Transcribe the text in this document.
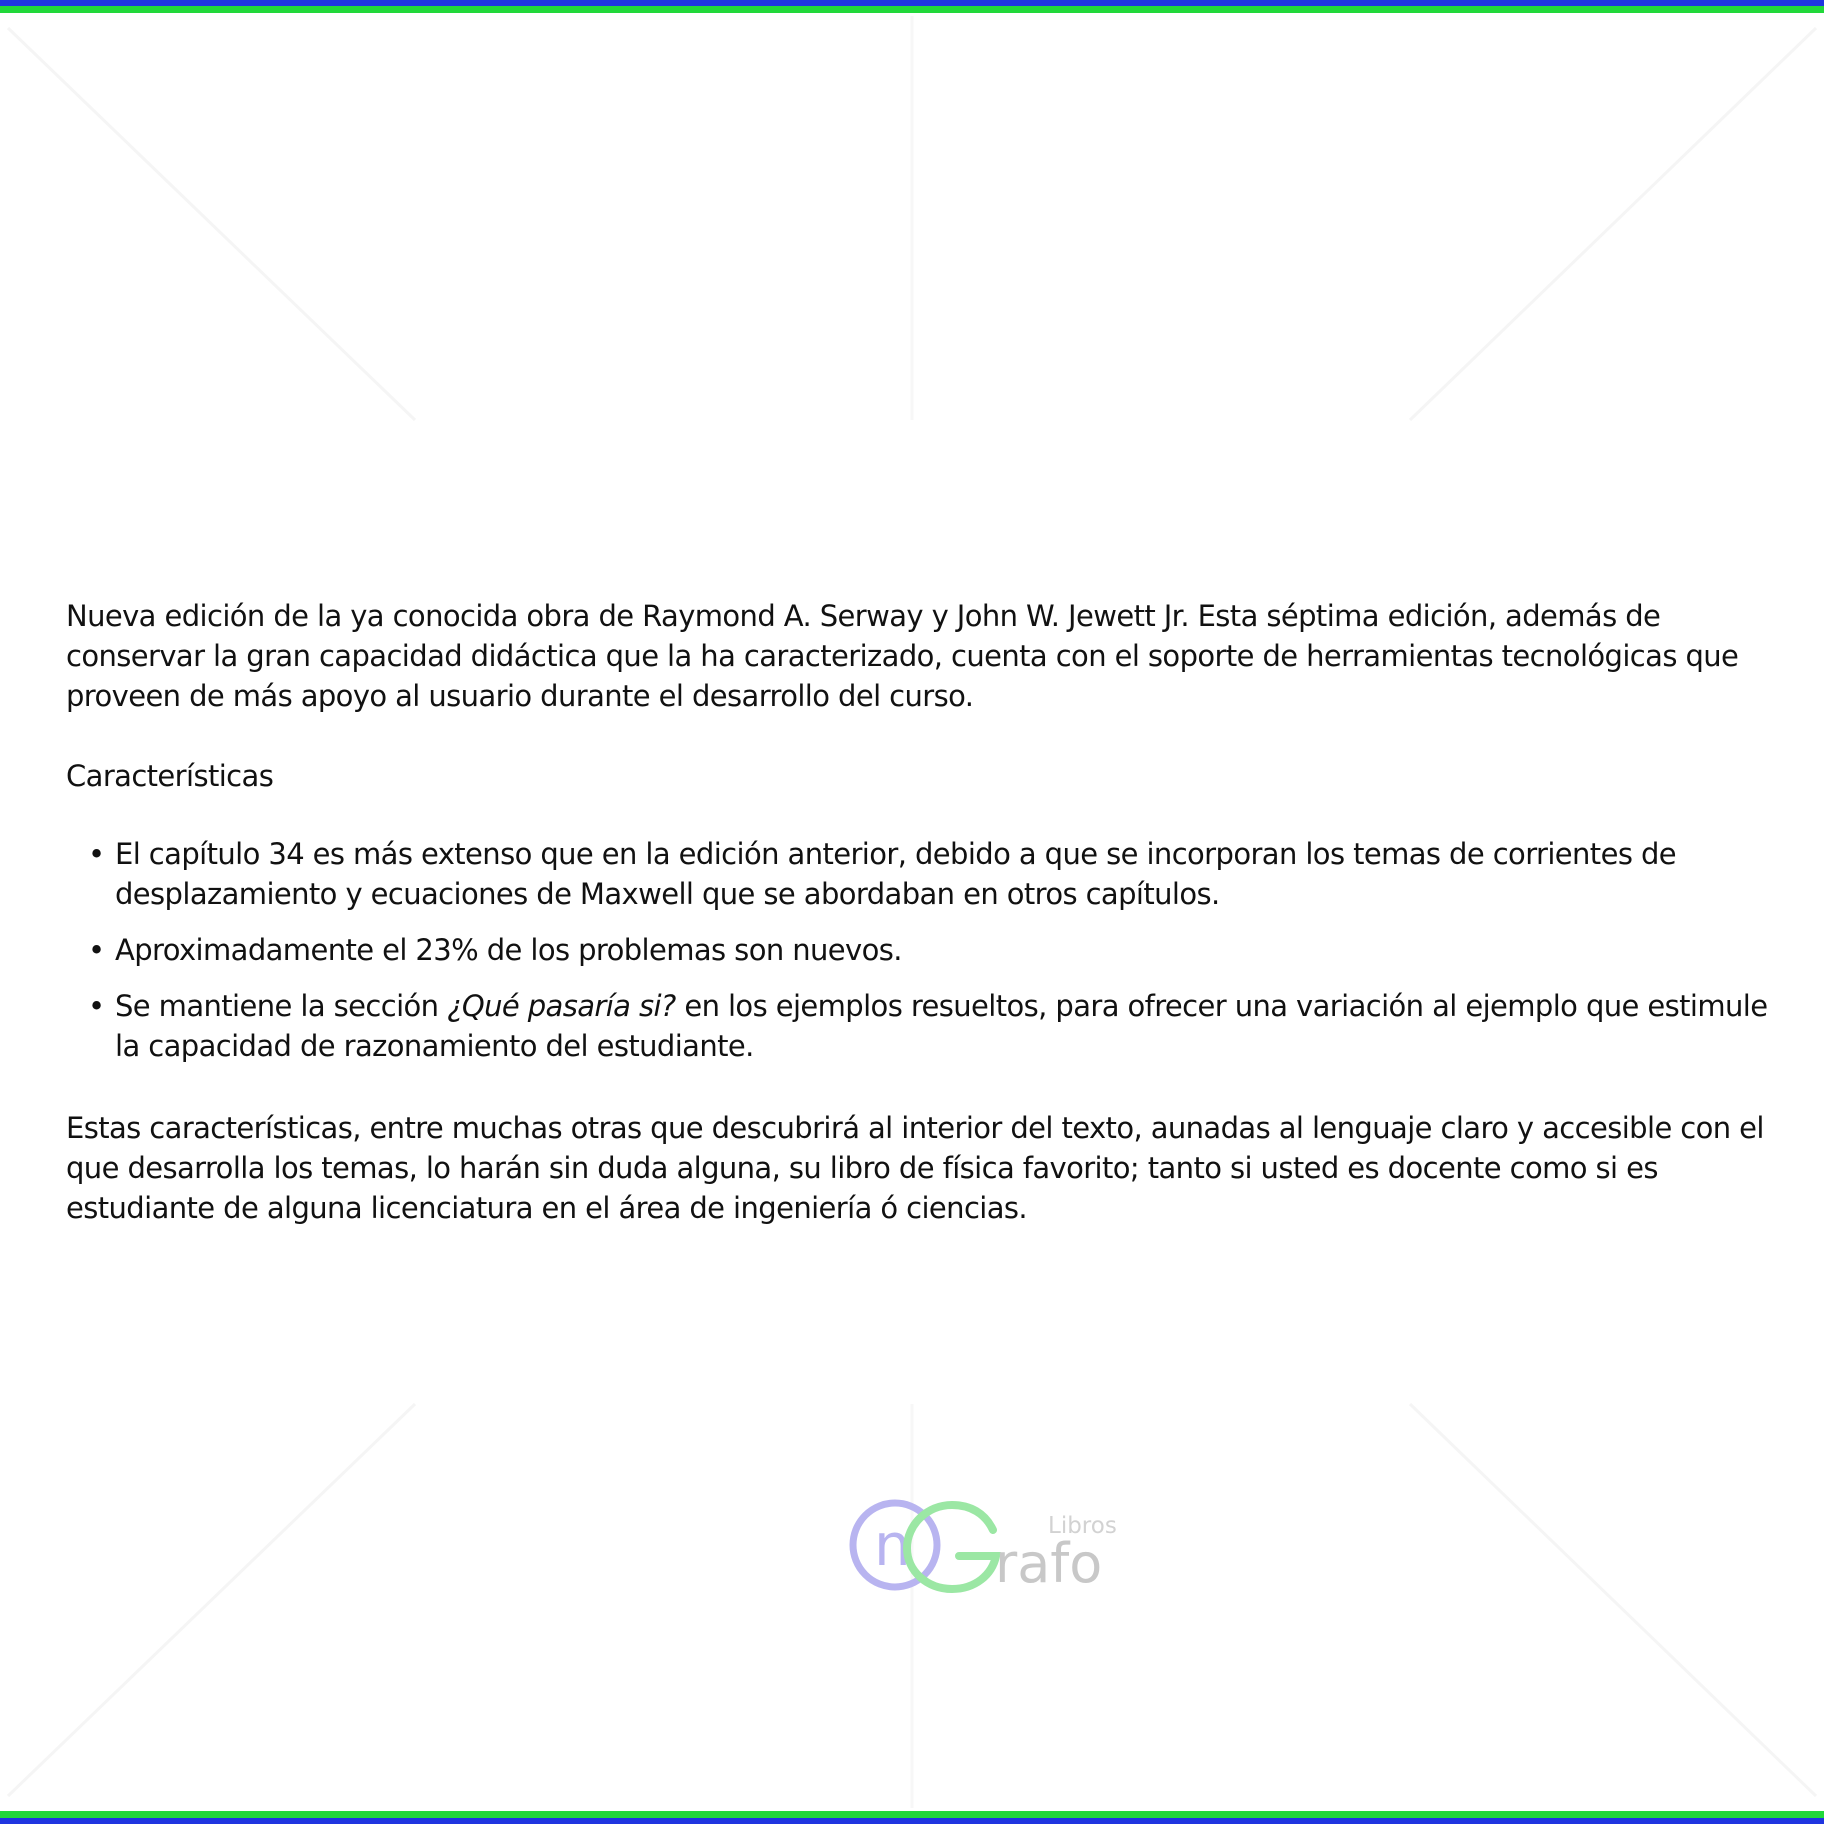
Nueva edición de la ya conocida obra de Raymond A. Serway y John W. Jewett Jr. Esta séptima edición, además de conservar la gran capacidad didáctica que la ha caracterizado, cuenta con el soporte de herramientas tecnológicas que proveen de más apoyo al usuario durante el desarrollo del curso.

Características

• El capítulo 34 es más extenso que en la edición anterior, debido a que se incorporan los temas de corrientes de desplazamiento y ecuaciones de Maxwell que se abordaban en otros capítulos.
• Aproximadamente el 23% de los problemas son nuevos.
• Se mantiene la sección ¿Qué pasaría si? en los ejemplos resueltos, para ofrecer una variación al ejemplo que estimule la capacidad de razonamiento del estudiante.

Estas características, entre muchas otras que descubrirá al interior del texto, aunadas al lenguaje claro y accesible con el que desarrolla los temas, lo harán sin duda alguna, su libro de física favorito; tanto si usted es docente como si es estudiante de alguna licenciatura en el área de ingeniería ó ciencias.

n rafo
Libros
